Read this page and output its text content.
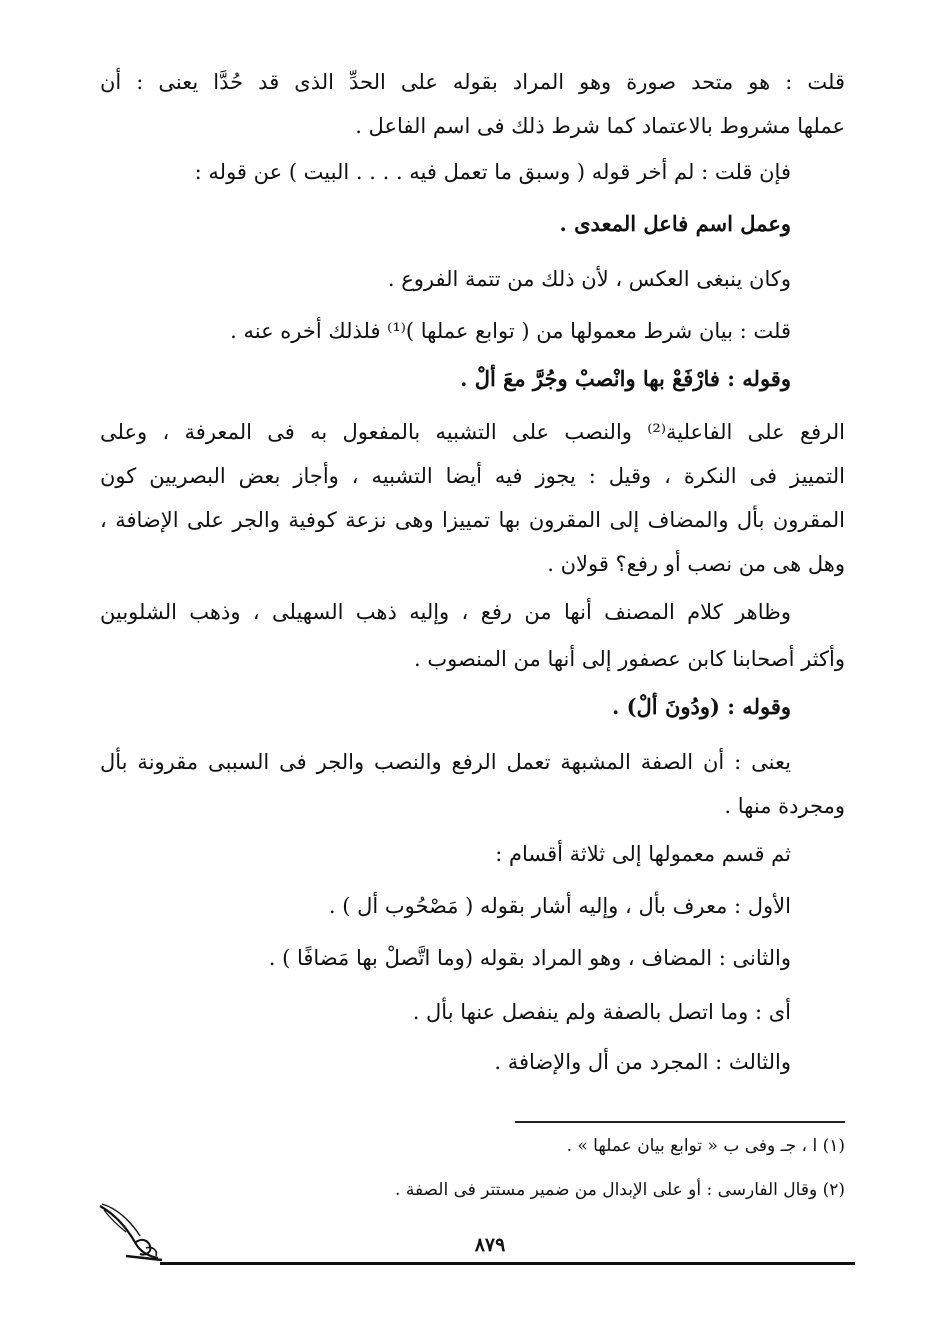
قلت : هو متحد صورة وهو المراد بقوله على الحدِّ الذى قد حُدَّا يعنى : أن
عملها مشروط بالاعتماد كما شرط ذلك فى اسم الفاعل .
فإن قلت : لم أخر قوله ( وسبق ما تعمل فيه . . . . البيت ) عن قوله :
وعمل اسم فاعل المعدى .
وكان ينبغى العكس ، لأن ذلك من تتمة الفروع .
قلت : بيان شرط معمولها من ( توابع عملها )⁽¹⁾ فلذلك أخره عنه .
وقوله : فارْفَعْ بها وانْصبْ وجُرَّ معَ ألْ .
الرفع على الفاعلية⁽²⁾ والنصب على التشبيه بالمفعول به فى المعرفة ، وعلى
التمييز فى النكرة ، وقيل : يجوز فيه أيضا التشبيه ، وأجاز بعض البصريين كون
المقرون بأل والمضاف إلى المقرون بها تمييزا وهى نزعة كوفية والجر على الإضافة ،
وهل هى من نصب أو رفع؟ قولان .
وظاهر كلام المصنف أنها من رفع ، وإليه ذهب السهيلى ، وذهب الشلوبين
وأكثر أصحابنا كابن عصفور إلى أنها من المنصوب .
وقوله : (ودُونَ ألْ) .
يعنى : أن الصفة المشبهة تعمل الرفع والنصب والجر فى السببى مقرونة بأل
ومجردة منها .
ثم قسم معمولها إلى ثلاثة أقسام :
الأول : معرف بأل ، وإليه أشار بقوله ( مَصْحُوب أل ) .
والثانى : المضاف ، وهو المراد بقوله (وما اتَّصلْ بها مَضافًا ) .
أى : وما اتصل بالصفة ولم ينفصل عنها بأل .
والثالث : المجرد من أل والإضافة .
(١) ا ، جـ وفى ب « توابع بيان عملها » .
(٢) وقال الفارسى : أو على الإبدال من ضمير مستتر فى الصفة .
٨٧٩
